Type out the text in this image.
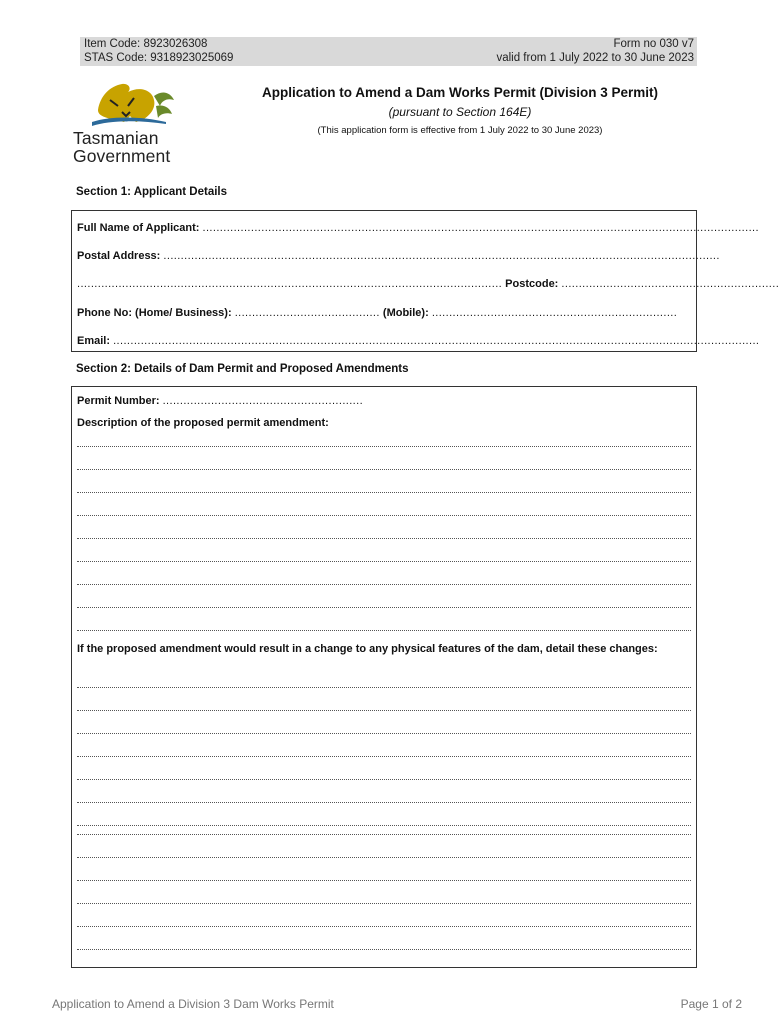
Item Code: 8923026308
STAS Code: 9318923025069
Form no 030 v7
valid from 1 July 2022 to 30 June 2023
Tasmanian
Government
Application to Amend a Dam Works Permit (Division 3 Permit)
(pursuant to Section 164E)
(This application form is effective from 1 July 2022 to 30 June 2023)
Section 1: Applicant Details
Full Name of Applicant: .................................................................................................................................................................
Postal Address: .................................................................................................................................................................
........................................................................................................................... Postcode: ...............................................................
Phone No: (Home/ Business): .......................................... (Mobile): .......................................................................
Email: ...........................................................................................................................................................................................
Section 2: Details of Dam Permit and Proposed Amendments
Permit Number: ..........................................................
Description of the proposed permit amendment:
If the proposed amendment would result in a change to any physical features of the dam, detail these changes:
Application to Amend a Division 3 Dam Works Permit	Page 1 of 2
